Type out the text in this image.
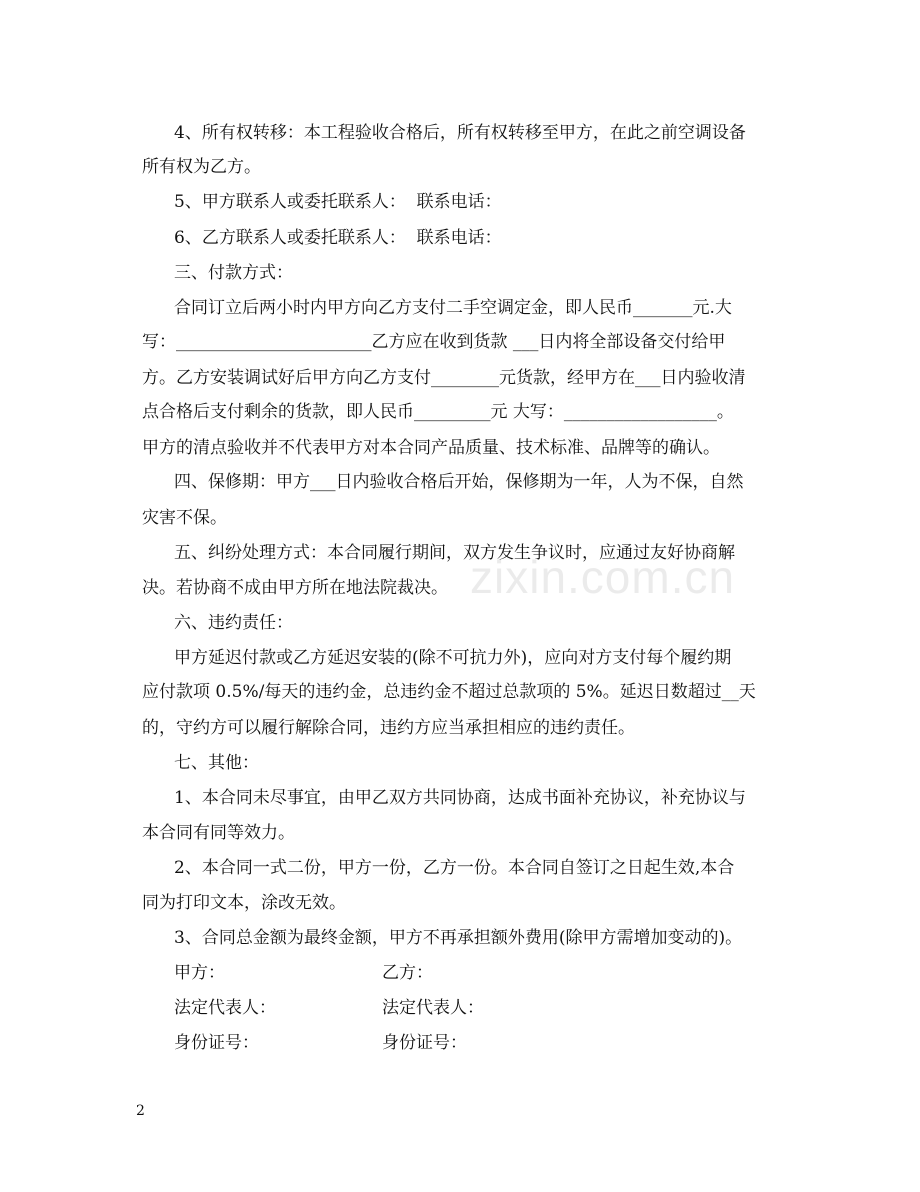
zixin.com.cn
4、所有权转移：本工程验收合格后，所有权转移至甲方，在此之前空调设备
所有权为乙方。
5、甲方联系人或委托联系人：  联系电话：
6、乙方联系人或委托联系人：  联系电话：
三、付款方式：
合同订立后两小时内甲方向乙方支付二手空调定金，即人民币_______元.大
写：_______________________乙方应在收到货款 ___日内将全部设备交付给甲
方。乙方安装调试好后甲方向乙方支付________元货款，经甲方在___日内验收清
点合格后支付剩余的货款，即人民币_________元 大写：__________________。
甲方的清点验收并不代表甲方对本合同产品质量、技术标准、品牌等的确认。
四、保修期：甲方___日内验收合格后开始，保修期为一年，人为不保，自然
灾害不保。
五、纠纷处理方式：本合同履行期间，双方发生争议时，应通过友好协商解
决。若协商不成由甲方所在地法院裁决。
六、违约责任：
甲方延迟付款或乙方延迟安装的(除不可抗力外)，应向对方支付每个履约期
应付款项 0.5%/每天的违约金，总违约金不超过总款项的 5%。延迟日数超过__天
的，守约方可以履行解除合同，违约方应当承担相应的违约责任。
七、其他：
1、本合同未尽事宜，由甲乙双方共同协商，达成书面补充协议，补充协议与
本合同有同等效力。
2、本合同一式二份，甲方一份，乙方一份。本合同自签订之日起生效,本合
同为打印文本，涂改无效。
3、合同总金额为最终金额，甲方不再承担额外费用(除甲方需增加变动的)。
甲方：	乙方：
法定代表人：	法定代表人：
身份证号：	身份证号：
2
